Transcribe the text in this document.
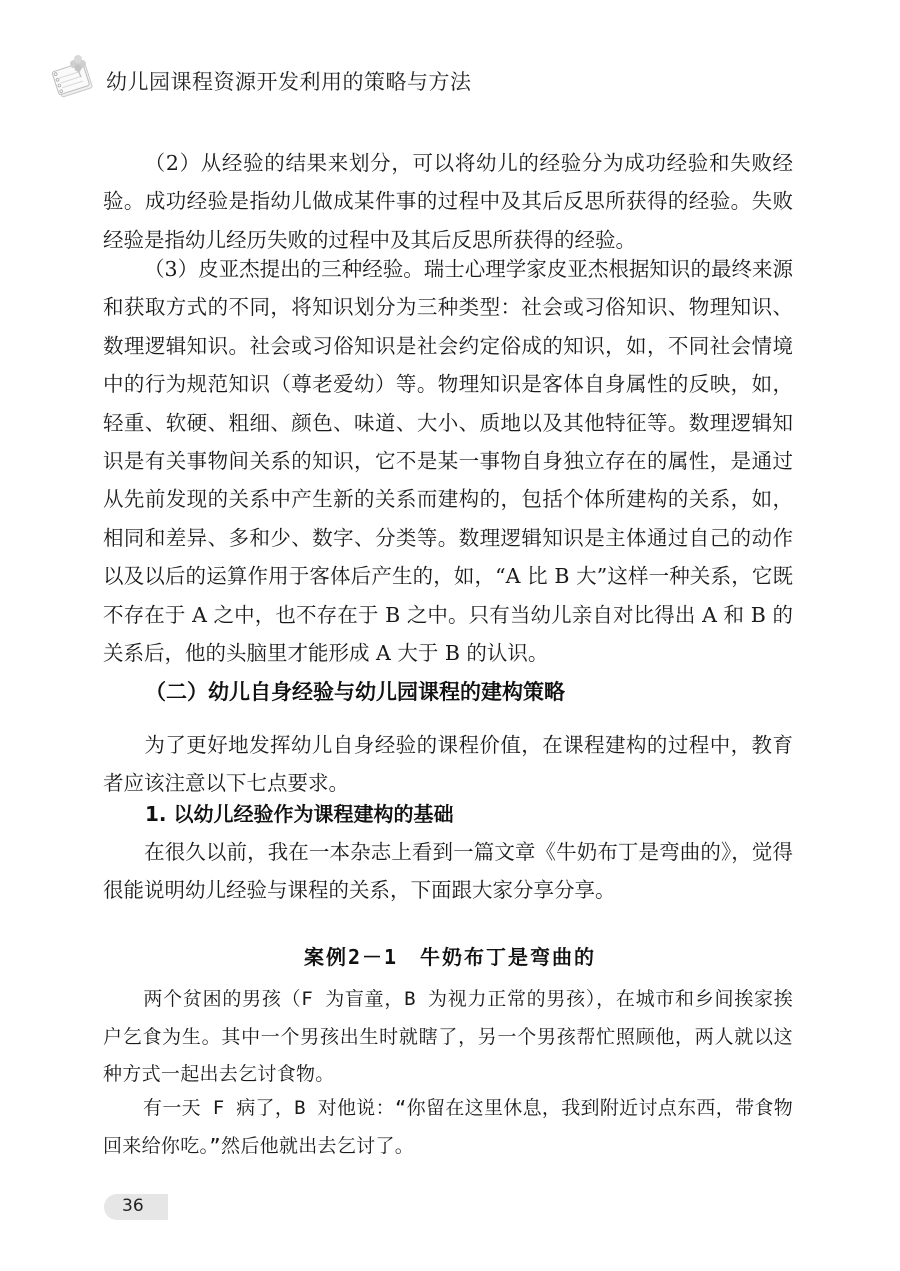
幼儿园课程资源开发利用的策略与方法

（2）从经验的结果来划分，可以将幼儿的经验分为成功经验和失败经验。成功经验是指幼儿做成某件事的过程中及其后反思所获得的经验。失败经验是指幼儿经历失败的过程中及其后反思所获得的经验。

（3）皮亚杰提出的三种经验。瑞士心理学家皮亚杰根据知识的最终来源和获取方式的不同，将知识划分为三种类型：社会或习俗知识、物理知识、数理逻辑知识。社会或习俗知识是社会约定俗成的知识，如，不同社会情境中的行为规范知识（尊老爱幼）等。物理知识是客体自身属性的反映，如，轻重、软硬、粗细、颜色、味道、大小、质地以及其他特征等。数理逻辑知识是有关事物间关系的知识，它不是某一事物自身独立存在的属性，是通过从先前发现的关系中产生新的关系而建构的，包括个体所建构的关系，如，相同和差异、多和少、数字、分类等。数理逻辑知识是主体通过自己的动作以及以后的运算作用于客体后产生的，如，“A 比 B 大”这样一种关系，它既不存在于 A 之中，也不存在于 B 之中。只有当幼儿亲自对比得出 A 和 B 的关系后，他的头脑里才能形成 A 大于 B 的认识。

（二）幼儿自身经验与幼儿园课程的建构策略

为了更好地发挥幼儿自身经验的课程价值，在课程建构的过程中，教育者应该注意以下七点要求。

1. 以幼儿经验作为课程建构的基础

在很久以前，我在一本杂志上看到一篇文章《牛奶布丁是弯曲的》，觉得很能说明幼儿经验与课程的关系，下面跟大家分享分享。

案例2－1　牛奶布丁是弯曲的

两个贫困的男孩（F 为盲童，B 为视力正常的男孩），在城市和乡间挨家挨户乞食为生。其中一个男孩出生时就瞎了，另一个男孩帮忙照顾他，两人就以这种方式一起出去乞讨食物。

有一天 F 病了，B 对他说：“你留在这里休息，我到附近讨点东西，带食物回来给你吃。”然后他就出去乞讨了。

36
